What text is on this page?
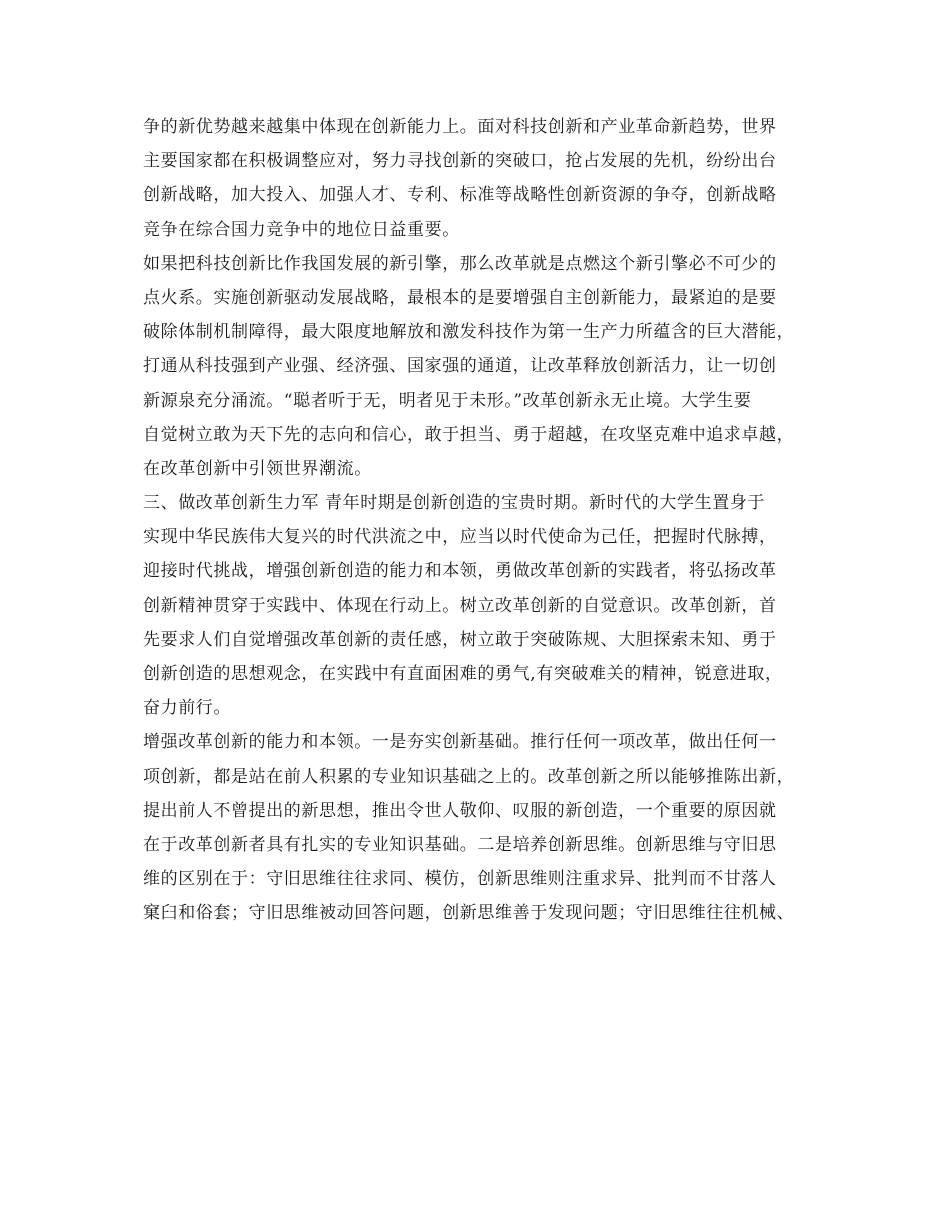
争的新优势越来越集中体现在创新能力上。面对科技创新和产业革命新趋势，世界
主要国家都在积极调整应对，努力寻找创新的突破口，抢占发展的先机，纷纷出台
创新战略，加大投入、加强人才、专利、标准等战略性创新资源的争夺，创新战略
竞争在综合国力竞争中的地位日益重要。
如果把科技创新比作我国发展的新引擎，那么改革就是点燃这个新引擎必不可少的
点火系。实施创新驱动发展战略，最根本的是要增强自主创新能力，最紧迫的是要
破除体制机制障得，最大限度地解放和激发科技作为第一生产力所蕴含的巨大潜能，
打通从科技强到产业强、经济强、国家强的通道，让改革释放创新活力，让一切创
新源泉充分涌流。“聪者听于无，明者见于未形。”改革创新永无止境。大学生要
自觉树立敢为天下先的志向和信心，敢于担当、勇于超越，在攻坚克难中追求卓越，
在改革创新中引领世界潮流。
三、做改革创新生力军 青年时期是创新创造的宝贵时期。新时代的大学生置身于
实现中华民族伟大复兴的时代洪流之中，应当以时代使命为己任，把握时代脉搏，
迎接时代挑战，增强创新创造的能力和本领，勇做改革创新的实践者，将弘扬改革
创新精神贯穿于实践中、体现在行动上。树立改革创新的自觉意识。改革创新，首
先要求人们自觉增强改革创新的责任感，树立敢于突破陈规、大胆探索未知、勇于
创新创造的思想观念，在实践中有直面困难的勇气,有突破难关的精神，锐意进取，
奋力前行。
增强改革创新的能力和本领。一是夯实创新基础。推行任何一项改革，做出任何一
项创新，都是站在前人积累的专业知识基础之上的。改革创新之所以能够推陈出新，
提出前人不曾提出的新思想，推出令世人敬仰、叹服的新创造，一个重要的原因就
在于改革创新者具有扎实的专业知识基础。二是培养创新思维。创新思维与守旧思
维的区别在于：守旧思维往往求同、模仿，创新思维则注重求异、批判而不甘落人
窠臼和俗套；守旧思维被动回答问题，创新思维善于发现问题；守旧思维往往机械、
